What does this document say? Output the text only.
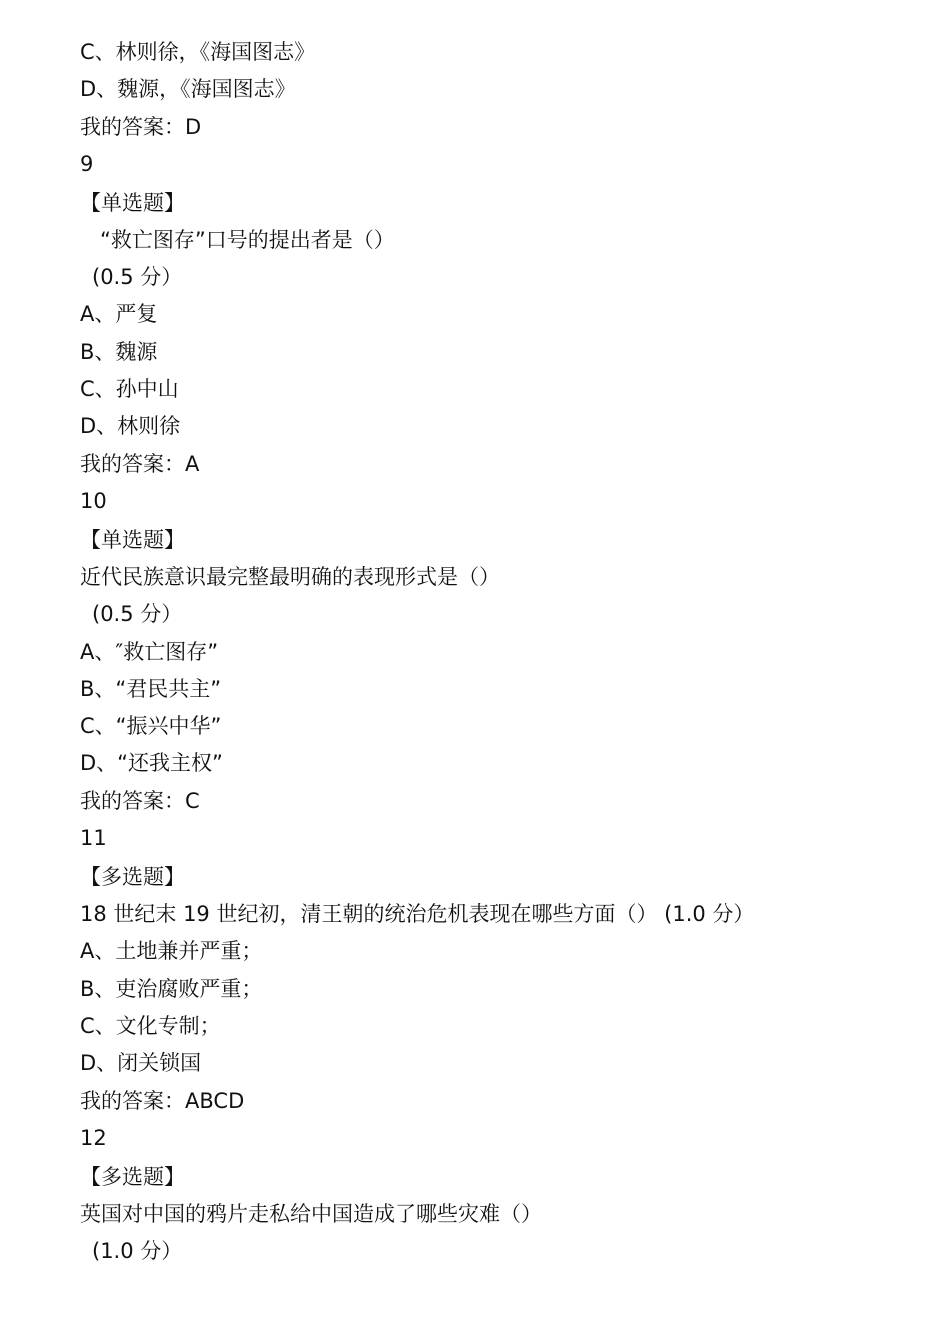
C、林则徐，《海国图志》
D、魏源，《海国图志》
我的答案：D
9
【单选题】
“救亡图存”口号的提出者是（）
(0.5 分）
A、严复
B、魏源
C、孙中山
D、林则徐
我的答案：A
10
【单选题】
近代民族意识最完整最明确的表现形式是（）
(0.5 分）
A、″救亡图存”
B、“君民共主”
C、“振兴中华”
D、“还我主权”
我的答案：C
11
【多选题】
18 世纪末 19 世纪初，清王朝的统治危机表现在哪些方面（） (1.0 分）
A、土地兼并严重；
B、吏治腐败严重；
C、文化专制；
D、闭关锁国
我的答案：ABCD
12
【多选题】
英国对中国的鸦片走私给中国造成了哪些灾难（）
(1.0 分）
